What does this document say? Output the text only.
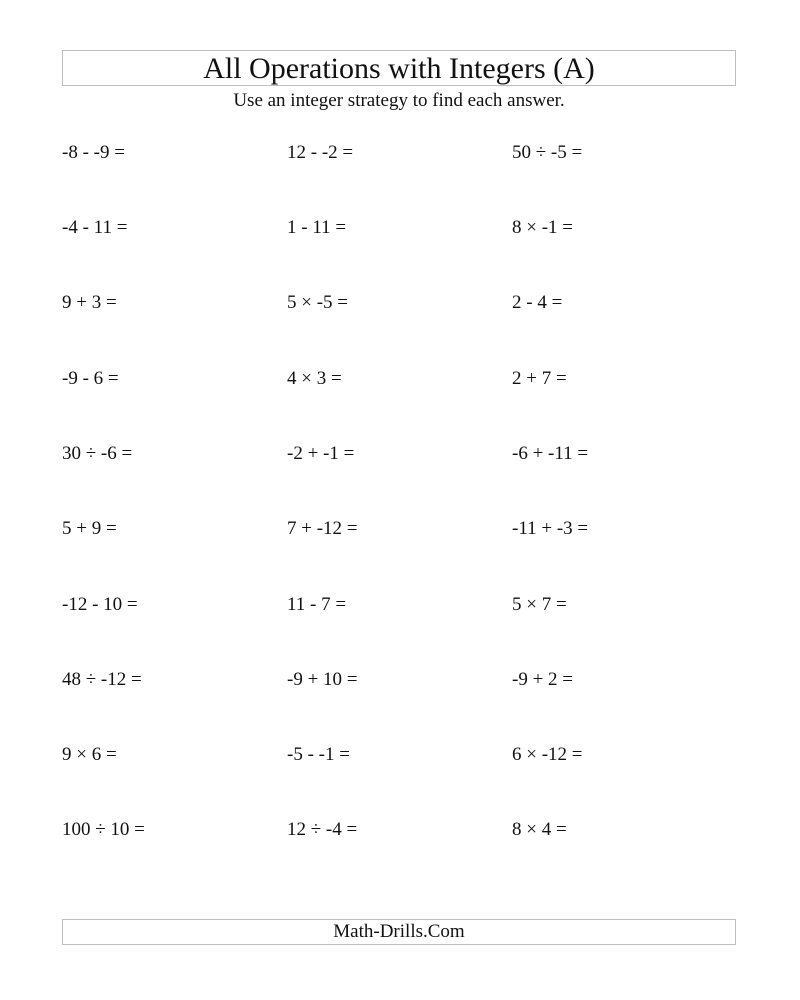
All Operations with Integers (A)

Use an integer strategy to find each answer.

-8 - -9 =	12 - -2 =	50 ÷ -5 =
-4 - 11 =	1 - 11 =	8 × -1 =
9 + 3 =	5 × -5 =	2 - 4 =
-9 - 6 =	4 × 3 =	2 + 7 =
30 ÷ -6 =	-2 + -1 =	-6 + -11 =
5 + 9 =	7 + -12 =	-11 + -3 =
-12 - 10 =	11 - 7 =	5 × 7 =
48 ÷ -12 =	-9 + 10 =	-9 + 2 =
9 × 6 =	-5 - -1 =	6 × -12 =
100 ÷ 10 =	12 ÷ -4 =	8 × 4 =
Math-Drills.Com
